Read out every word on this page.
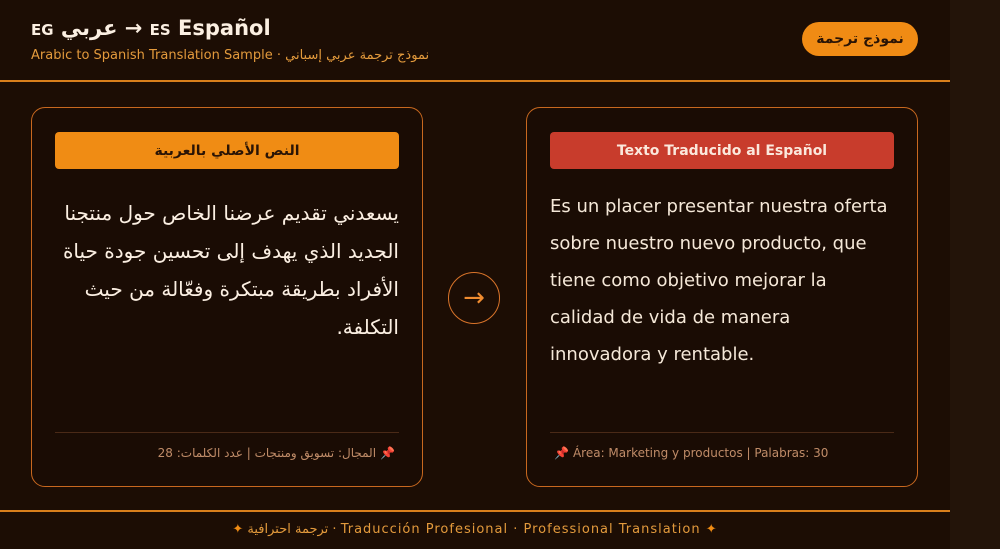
EG عربي → ES Español
Arabic to Spanish Translation Sample · نموذج ترجمة عربي إسباني
نموذج ترجمة
النص الأصلي بالعربية
يسعدني تقديم عرضنا الخاص حول منتجنا الجديد الذي يهدف إلى تحسين جودة حياة الأفراد بطريقة مبتكرة وفعّالة من حيث التكلفة.
📌المجال: تسويق ومنتجات | عدد الكلمات: 28
→
Texto Traducido al Español
Es un placer presentar nuestra oferta sobre nuestro nuevo producto, que tiene como objetivo mejorar la calidad de vida de manera innovadora y rentable.
📌 Área: Marketing y productos | Palabras: 30
✦ ترجمة احترافية · Traducción Profesional · Professional Translation ✦
